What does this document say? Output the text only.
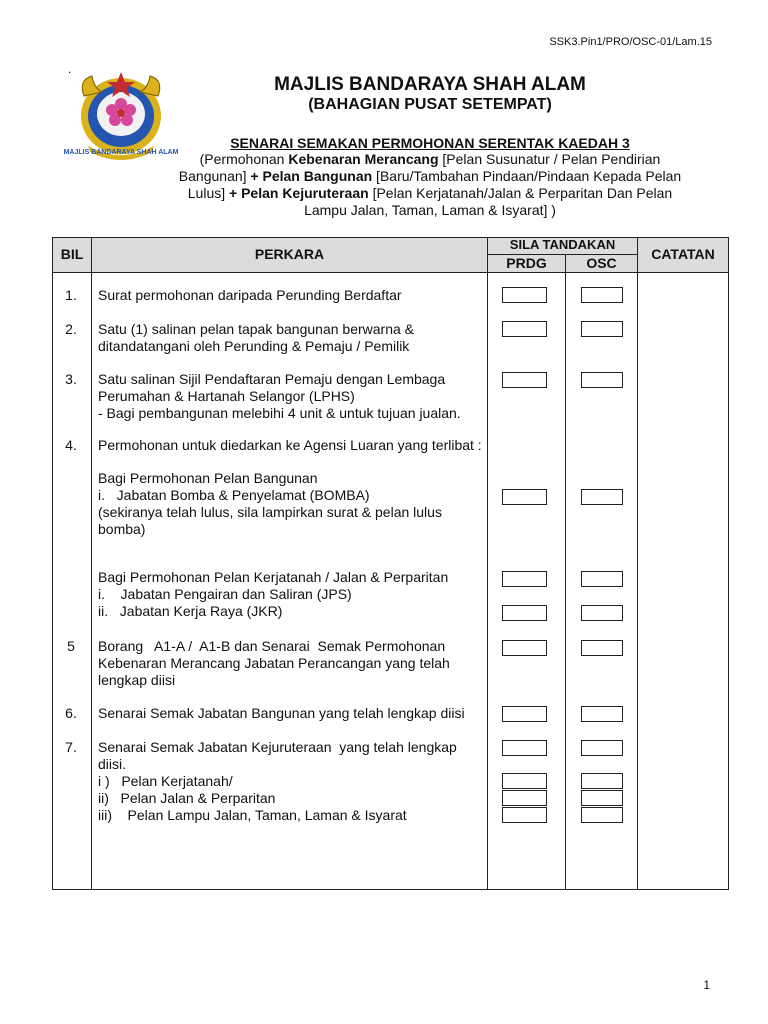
SSK3.Pin1/PRO/OSC-01/Lam.15
.
MAJLIS BANDARAYA SHAH ALAM
MAJLIS BANDARAYA SHAH ALAM
(BAHAGIAN PUSAT SETEMPAT)
SENARAI SEMAKAN PERMOHONAN SERENTAK KAEDAH 3
(Permohonan Kebenaran Merancang [Pelan Susunatur / Pelan Pendirian Bangunan] + Pelan Bangunan [Baru/Tambahan Pindaan/Pindaan Kepada Pelan Lulus] + Pelan Kejuruteraan [Pelan Kerjatanah/Jalan & Perparitan Dan Pelan Lampu Jalan, Taman, Laman & Isyarat] )
BIL	PERKARA
SILA TANDAKAN
PRDG	OSC
CATATAN
1.	Surat permohonan daripada Perunding Berdaftar
2.	Satu (1) salinan pelan tapak bangunan berwarna &
ditandatangani oleh Perunding & Pemaju / Pemilik
3.	Satu salinan Sijil Pendaftaran Pemaju dengan Lembaga
Perumahan & Hartanah Selangor (LPHS)
- Bagi pembangunan melebihi 4 unit & untuk tujuan jualan.
4.	Permohonan untuk diedarkan ke Agensi Luaran yang terlibat :
Bagi Permohonan Pelan Bangunan
i.   Jabatan Bomba & Penyelamat (BOMBA)
(sekiranya telah lulus, sila lampirkan surat & pelan lulus
bomba)
Bagi Permohonan Pelan Kerjatanah / Jalan & Perparitan
i.    Jabatan Pengairan dan Saliran (JPS)
ii.   Jabatan Kerja Raya (JKR)
5	Borang   A1-A /  A1-B dan Senarai  Semak Permohonan
Kebenaran Merancang Jabatan Perancangan yang telah
lengkap diisi
6.	Senarai Semak Jabatan Bangunan yang telah lengkap diisi
7.	Senarai Semak Jabatan Kejuruteraan  yang telah lengkap
diisi.
i )   Pelan Kerjatanah/
ii)   Pelan Jalan & Perparitan
iii)    Pelan Lampu Jalan, Taman, Laman & Isyarat
1
